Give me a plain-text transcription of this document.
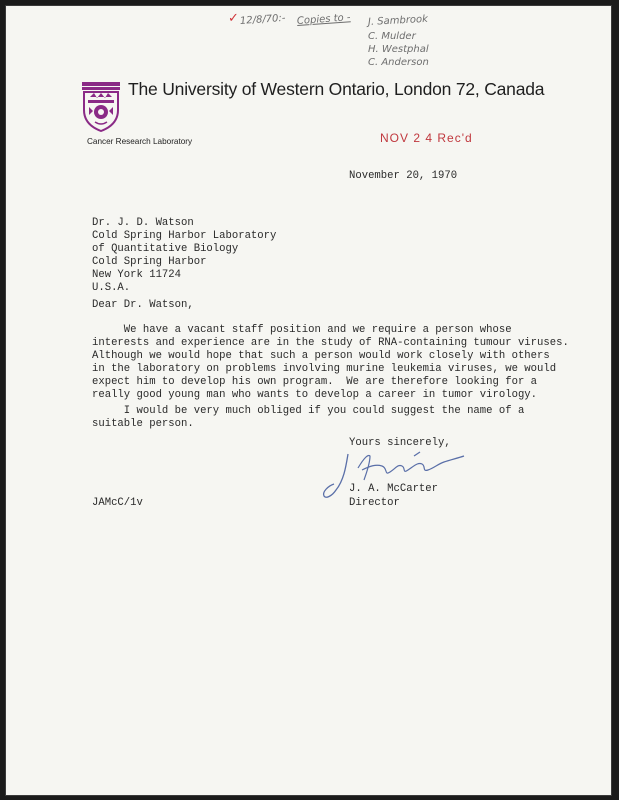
✓ 12/8/70:- Copies to - J. Sambrook
C. Mulder
H. Westphal
C. Anderson
The University of Western Ontario, London 72, Canada
Cancer Research Laboratory	NOV 2 4 Rec'd
November 20, 1970
Dr. J. D. Watson
Cold Spring Harbor Laboratory
of Quantitative Biology
Cold Spring Harbor
New York 11724
U.S.A.
Dear Dr. Watson,
We have a vacant staff position and we require a person whose
interests and experience are in the study of RNA-containing tumour viruses.
Although we would hope that such a person would work closely with others
in the laboratory on problems involving murine leukemia viruses, we would
expect him to develop his own program.  We are therefore looking for a
really good young man who wants to develop a career in tumor virology.
I would be very much obliged if you could suggest the name of a
suitable person.
Yours sincerely,
J. A. McCarter
Director
JAMcC/1v
